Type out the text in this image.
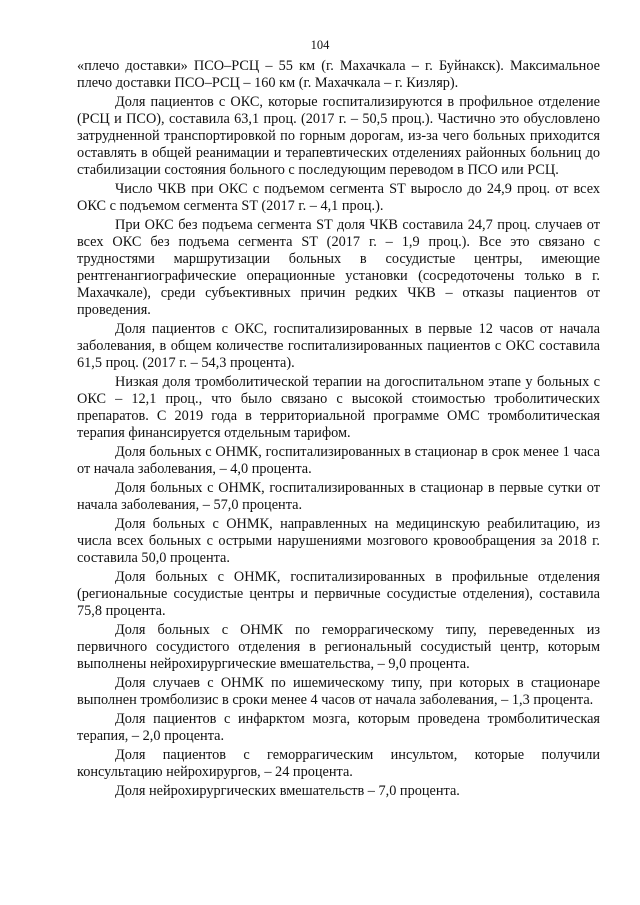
104

«плечо доставки» ПСО–РСЦ – 55 км (г. Махачкала – г. Буйнакск). Максимальное плечо доставки ПСО–РСЦ – 160 км (г. Махачкала – г. Кизляр).

Доля пациентов с ОКС, которые госпитализируются в профильное отделение (РСЦ и ПСО), составила 63,1 проц. (2017 г. – 50,5 проц.). Частично это обусловлено затрудненной транспортировкой по горным дорогам, из-за чего больных приходится оставлять в общей реанимации и терапевтических отделениях районных больниц до стабилизации состояния больного с последующим переводом в ПСО или РСЦ.

Число ЧКВ при ОКС с подъемом сегмента ST выросло до 24,9 проц. от всех ОКС с подъемом сегмента ST (2017 г. – 4,1 проц.).

При ОКС без подъема сегмента ST доля ЧКВ составила 24,7 проц. случаев от всех ОКС без подъема сегмента ST (2017 г. – 1,9 проц.). Все это связано с трудностями маршрутизации больных в сосудистые центры, имеющие рентгенангиографические операционные установки (сосредоточены только в г. Махачкале), среди субъективных причин редких ЧКВ – отказы пациентов от проведения.

Доля пациентов с ОКС, госпитализированных в первые 12 часов от начала заболевания, в общем количестве госпитализированных пациентов с ОКС составила 61,5 проц. (2017 г. – 54,3 процента).

Низкая доля тромболитической терапии на догоспитальном этапе у больных с ОКС – 12,1 проц., что было связано с высокой стоимостью троболитических препаратов. С 2019 года в территориальной программе ОМС тромболитическая терапия финансируется отдельным тарифом.

Доля больных с ОНМК, госпитализированных в стационар в срок менее 1 часа от начала заболевания, – 4,0 процента.

Доля больных с ОНМК, госпитализированных в стационар в первые сутки от начала заболевания, – 57,0 процента.

Доля больных с ОНМК, направленных на медицинскую реабилитацию, из числа всех больных с острыми нарушениями мозгового кровообращения за 2018 г. составила 50,0 процента.

Доля больных с ОНМК, госпитализированных в профильные отделения (региональные сосудистые центры и первичные сосудистые отделения), составила 75,8 процента.

Доля больных с ОНМК по геморрагическому типу, переведенных из первичного сосудистого отделения в региональный сосудистый центр, которым выполнены нейрохирургические вмешательства, – 9,0 процента.

Доля случаев с ОНМК по ишемическому типу, при которых в стационаре выполнен тромболизис в сроки менее 4 часов от начала заболевания, – 1,3 процента.

Доля пациентов с инфарктом мозга, которым проведена тромболитическая терапия, – 2,0 процента.

Доля пациентов с геморрагическим инсультом, которые получили консультацию нейрохирургов, – 24 процента.

Доля нейрохирургических вмешательств – 7,0 процента.
